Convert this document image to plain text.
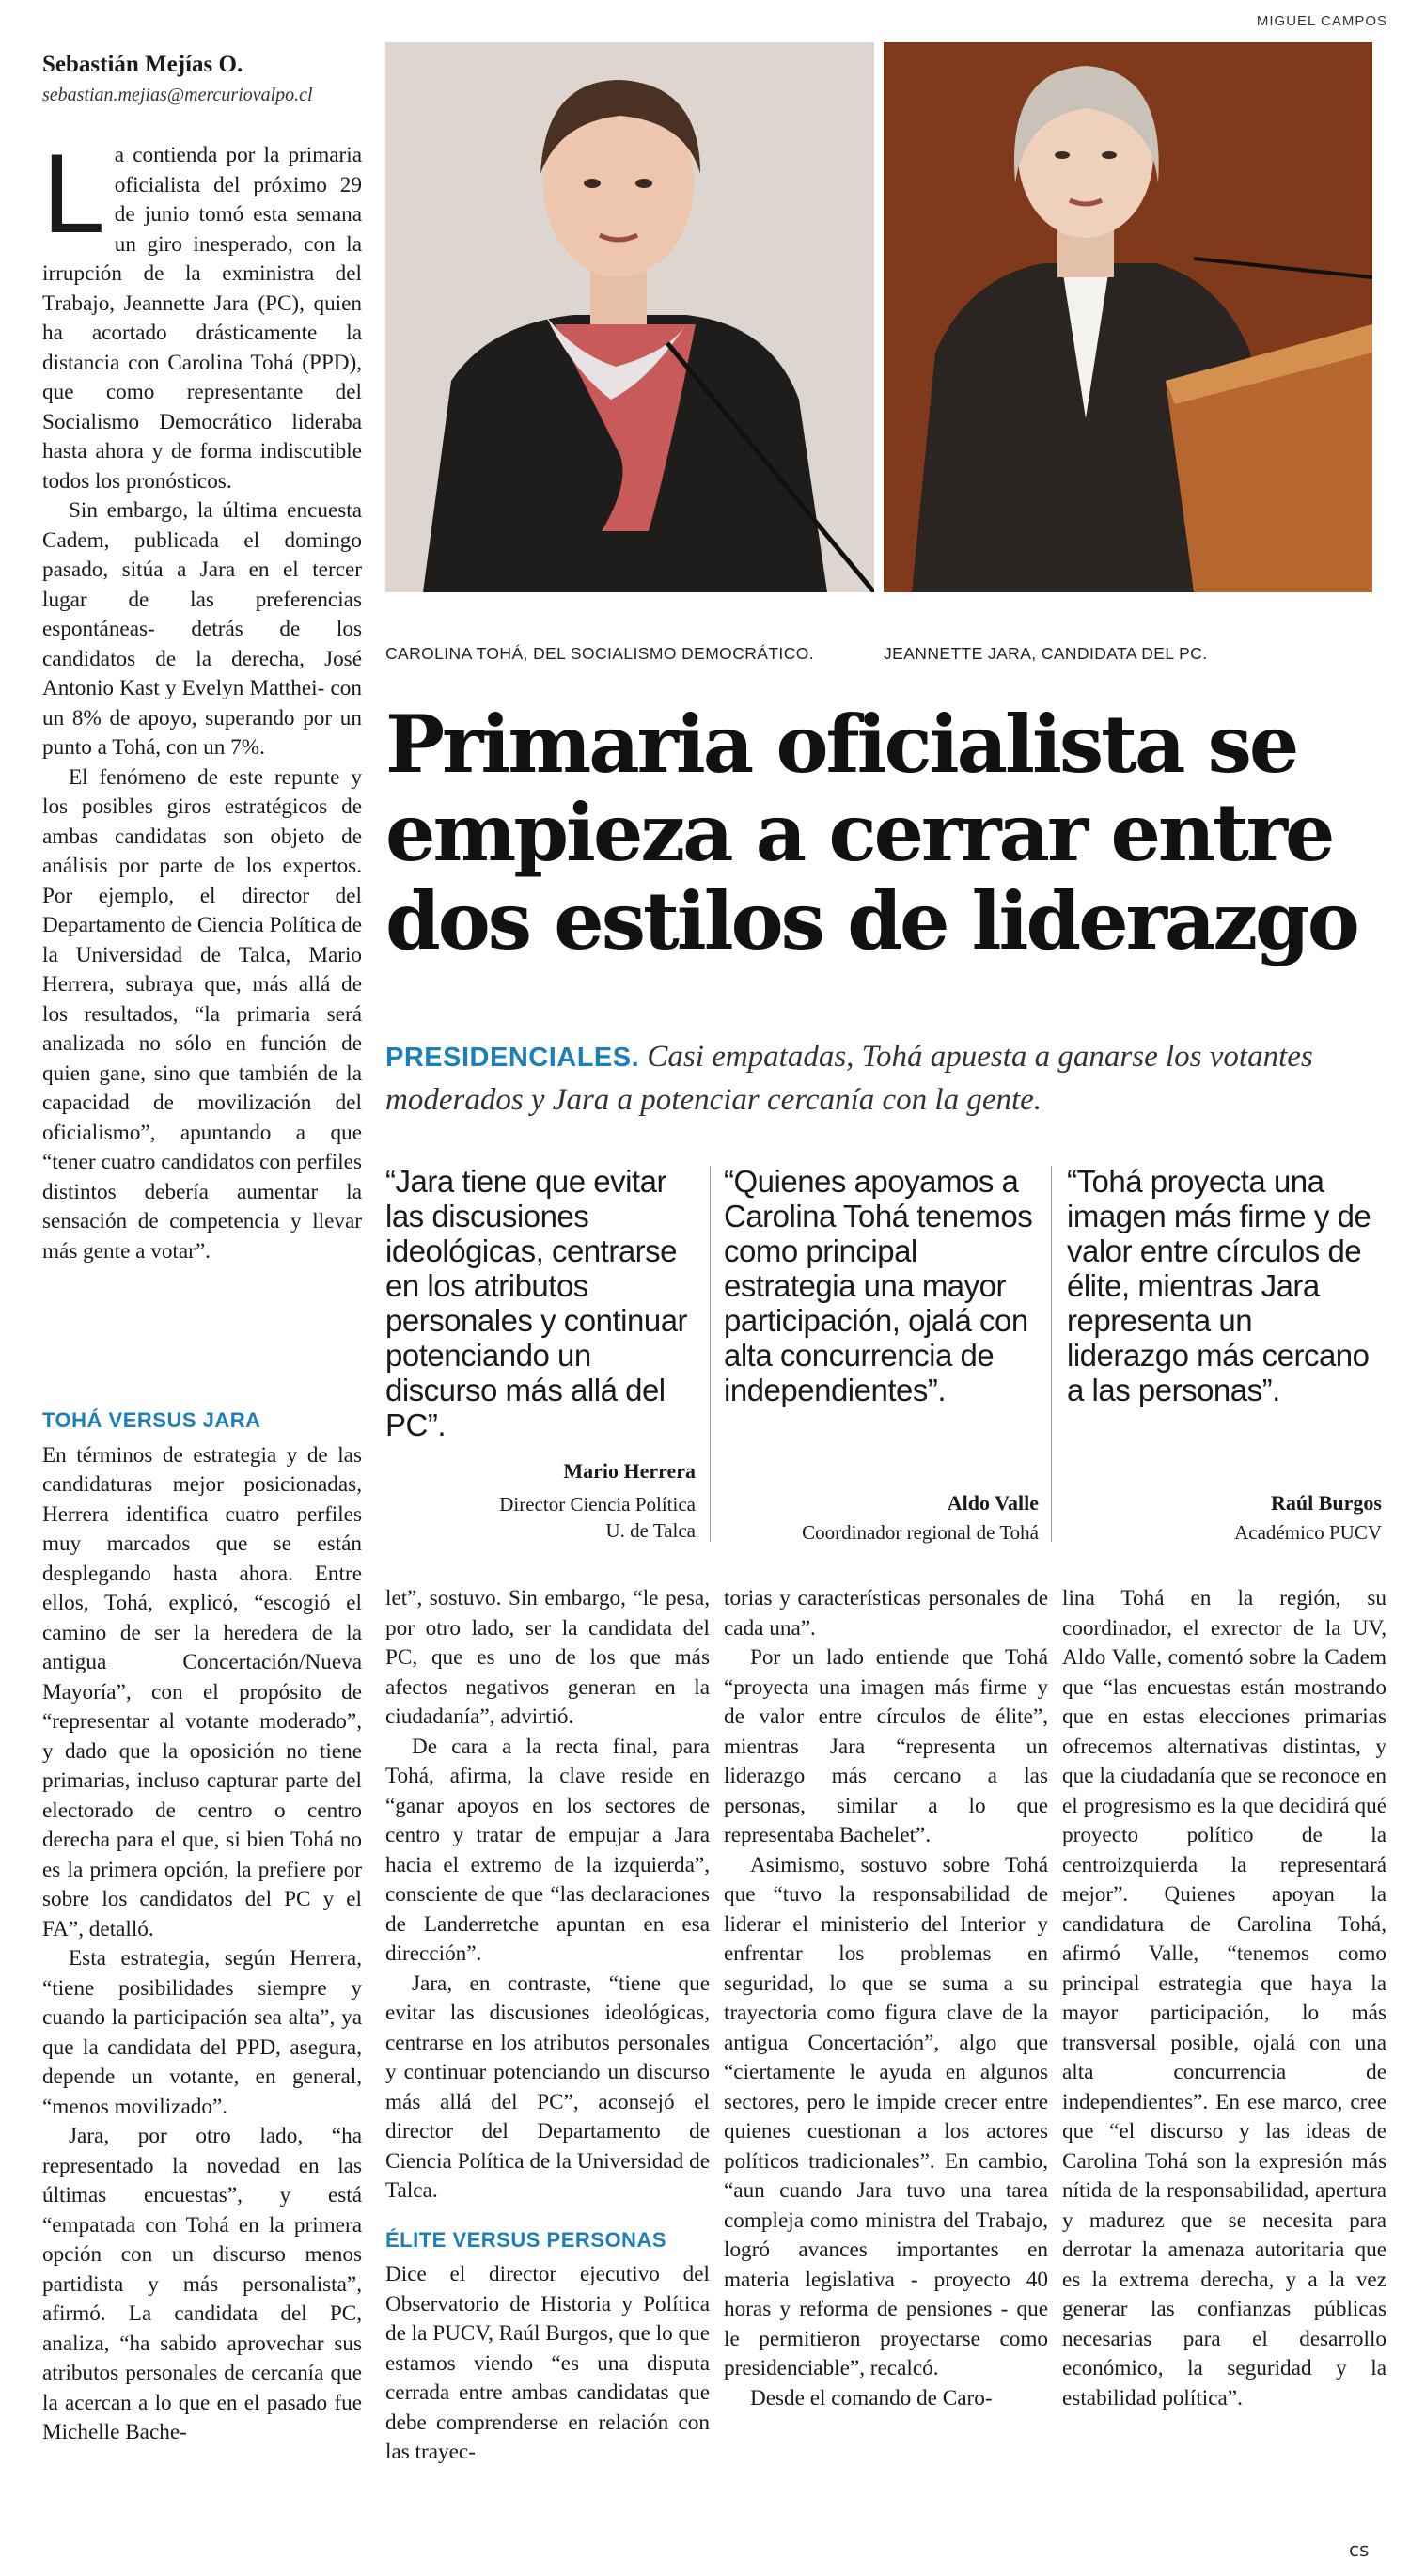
MIGUEL CAMPOS
Sebastián Mejías O.
sebastian.mejias@mercuriovalpo.cl

La contienda por la primaria oficialista del próximo 29 de junio tomó esta semana un giro inesperado, con la irrupción de la exministra del Trabajo, Jeannette Jara (PC), quien ha acortado drásticamente la distancia con Carolina Tohá (PPD), que como representante del Socialismo Democrático lideraba hasta ahora y de forma indiscutible todos los pronósticos.

Sin embargo, la última encuesta Cadem, publicada el domingo pasado, sitúa a Jara en el tercer lugar de las preferencias espontáneas- detrás de los candidatos de la derecha, José Antonio Kast y Evelyn Matthei- con un 8% de apoyo, superando por un punto a Tohá, con un 7%.

El fenómeno de este repunte y los posibles giros estratégicos de ambas candidatas son objeto de análisis por parte de los expertos. Por ejemplo, el director del Departamento de Ciencia Política de la Universidad de Talca, Mario Herrera, subraya que, más allá de los resultados, “la primaria será analizada no sólo en función de quien gane, sino que también de la capacidad de movilización del oficialismo”, apuntando a que “tener cuatro candidatos con perfiles distintos debería aumentar la sensación de competencia y llevar más gente a votar”.

TOHÁ VERSUS JARA

En términos de estrategia y de las candidaturas mejor posicionadas, Herrera identifica cuatro perfiles muy marcados que se están desplegando hasta ahora. Entre ellos, Tohá, explicó, “escogió el camino de ser la heredera de la antigua Concertación/Nueva Mayoría”, con el propósito de “representar al votante moderado”, y dado que la oposición no tiene primarias, incluso capturar parte del electorado de centro o centro derecha para el que, si bien Tohá no es la primera opción, la prefiere por sobre los candidatos del PC y el FA”, detalló.

Esta estrategia, según Herrera, “tiene posibilidades siempre y cuando la participación sea alta”, ya que la candidata del PPD, asegura, depende un votante, en general, “menos movilizado”.

Jara, por otro lado, “ha representado la novedad en las últimas encuestas”, y está “empatada con Tohá en la primera opción con un discurso menos partidista y más personalista”, afirmó. La candidata del PC, analiza, “ha sabido aprovechar sus atributos personales de cercanía que la acercan a lo que en el pasado fue Michelle Bache-

CAROLINA TOHÁ, DEL SOCIALISMO DEMOCRÁTICO.	JEANNETTE JARA, CANDIDATA DEL PC.
Primaria oficialista se
empieza a cerrar entre
dos estilos de liderazgo
PRESIDENCIALES. Casi empatadas, Tohá apuesta a ganarse los votantes moderados y Jara a potenciar cercanía con la gente.
“Jara tiene que evitar las discusiones ideológicas, centrarse en los atributos personales y continuar potenciando un discurso más allá del PC”.
Mario Herrera
Director Ciencia Política
U. de Talca
“Quienes apoyamos a Carolina Tohá tenemos como principal estrategia una mayor participación, ojalá con alta concurrencia de independientes”.
Aldo Valle
Coordinador regional de Tohá
“Tohá proyecta una imagen más firme y de valor entre círculos de élite, mientras Jara representa un liderazgo más cercano a las personas”.
Raúl Burgos
Académico PUCV

let”, sostuvo. Sin embargo, “le pesa, por otro lado, ser la candidata del PC, que es uno de los que más afectos negativos generan en la ciudadanía”, advirtió.

De cara a la recta final, para Tohá, afirma, la clave reside en “ganar apoyos en los sectores de centro y tratar de empujar a Jara hacia el extremo de la izquierda”, consciente de que “las declaraciones de Landerretche apuntan en esa dirección”.

Jara, en contraste, “tiene que evitar las discusiones ideológicas, centrarse en los atributos personales y continuar potenciando un discurso más allá del PC”, aconsejó el director del Departamento de Ciencia Política de la Universidad de Talca.

ÉLITE VERSUS PERSONAS

Dice el director ejecutivo del Observatorio de Historia y Política de la PUCV, Raúl Burgos, que lo que estamos viendo “es una disputa cerrada entre ambas candidatas que debe comprenderse en relación con las trayec-

torias y características personales de cada una”.

Por un lado entiende que Tohá “proyecta una imagen más firme y de valor entre círculos de élite”, mientras Jara “representa un liderazgo más cercano a las personas, similar a lo que representaba Bachelet”.

Asimismo, sostuvo sobre Tohá que “tuvo la responsabilidad de liderar el ministerio del Interior y enfrentar los problemas en seguridad, lo que se suma a su trayectoria como figura clave de la antigua Concertación”, algo que “ciertamente le ayuda en algunos sectores, pero le impide crecer entre quienes cuestionan a los actores políticos tradicionales”. En cambio, “aun cuando Jara tuvo una tarea compleja como ministra del Trabajo, logró avances importantes en materia legislativa - proyecto 40 horas y reforma de pensiones - que le permitieron proyectarse como presidenciable”, recalcó.

Desde el comando de Caro-

lina Tohá en la región, su coordinador, el exrector de la UV, Aldo Valle, comentó sobre la Cadem que “las encuestas están mostrando que en estas elecciones primarias ofrecemos alternativas distintas, y que la ciudadanía que se reconoce en el progresismo es la que decidirá qué proyecto político de la centroizquierda la representará mejor”. Quienes apoyan la candidatura de Carolina Tohá, afirmó Valle, “tenemos como principal estrategia que haya la mayor participación, lo más transversal posible, ojalá con una alta concurrencia de independientes”. En ese marco, cree que “el discurso y las ideas de Carolina Tohá son la expresión más nítida de la responsabilidad, apertura y madurez que se necesita para derrotar la amenaza autoritaria que es la extrema derecha, y a la vez generar las confianzas públicas necesarias para el desarrollo económico, la seguridad y la estabilidad política”.

cs
